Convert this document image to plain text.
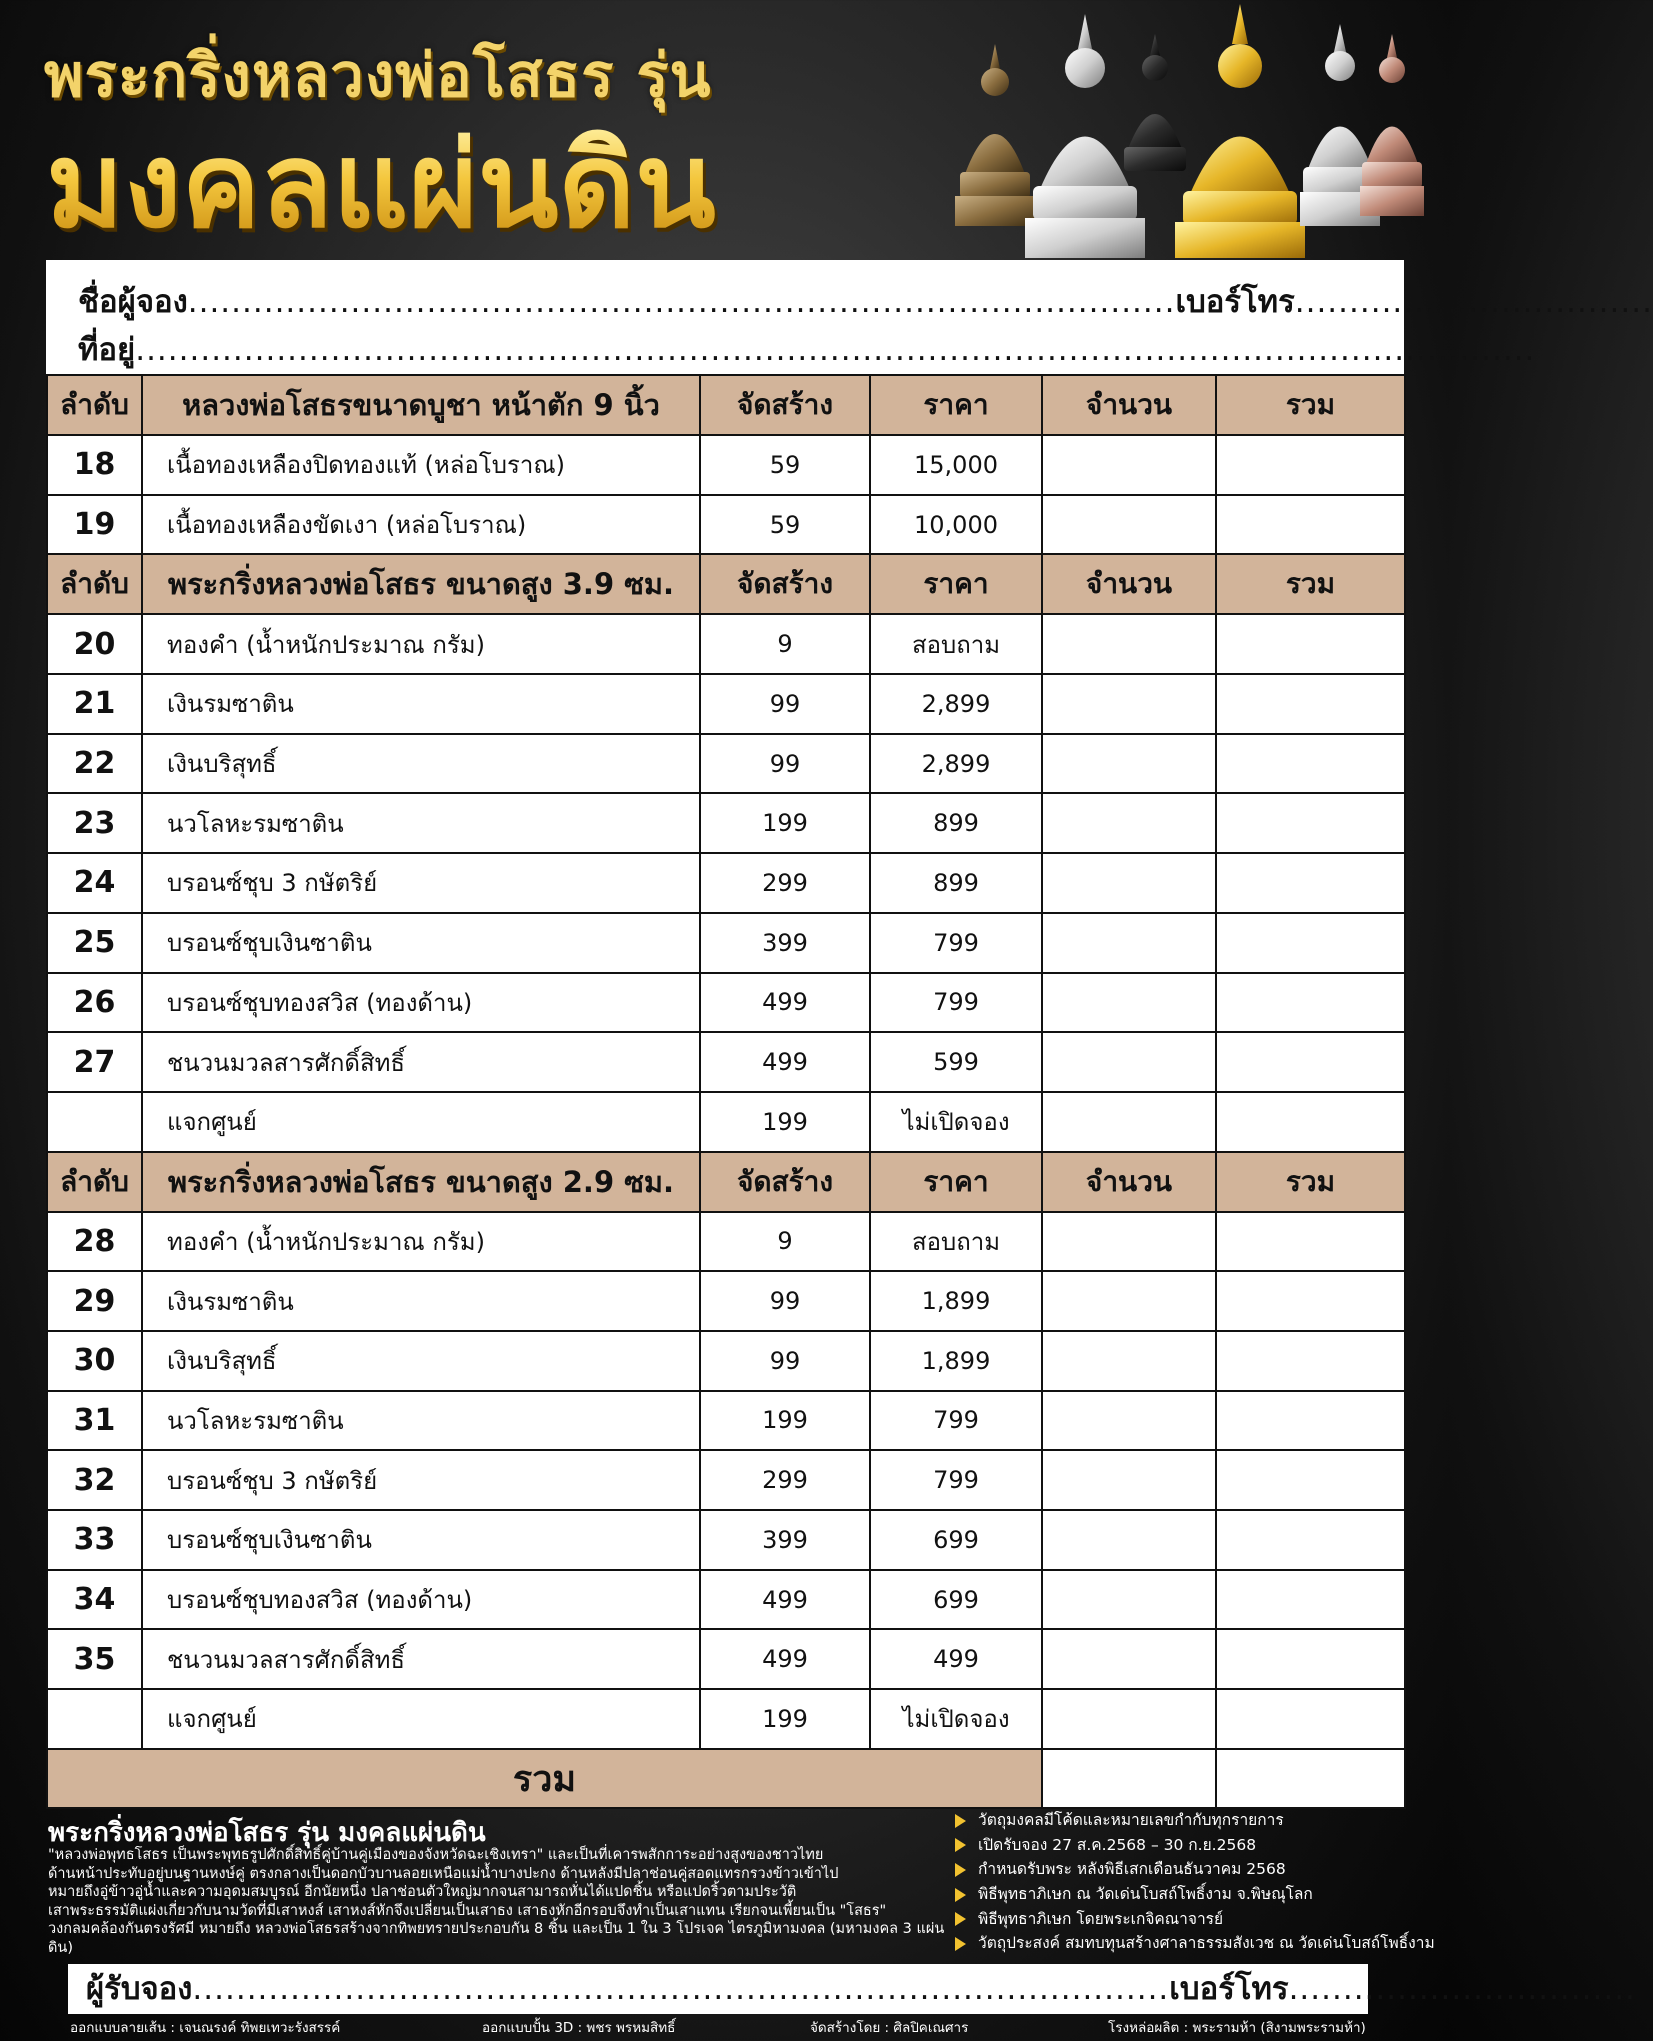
พระกริ่งหลวงพ่อโสธร รุ่น
มงคลแผ่นดิน
ชื่อผู้จอง...........................................................................................เบอร์โทร.................................
ที่อยู่.................................................................................................................................
ลำดับ	หลวงพ่อโสธรขนาดบูชา หน้าตัก 9 นิ้ว	จัดสร้าง	ราคา	จำนวน	รวม
18	เนื้อทองเหลืองปิดทองแท้ (หล่อโบราณ)	59	15,000		
19	เนื้อทองเหลืองขัดเงา (หล่อโบราณ)	59	10,000		
ลำดับ	พระกริ่งหลวงพ่อโสธร ขนาดสูง 3.9 ซม.	จัดสร้าง	ราคา	จำนวน	รวม
20	ทองคำ (น้ำหนักประมาณ กรัม)	9	สอบถาม		
21	เงินรมซาติน	99	2,899		
22	เงินบริสุทธิ์	99	2,899		
23	นวโลหะรมซาติน	199	899		
24	บรอนซ์ชุบ 3 กษัตริย์	299	899		
25	บรอนซ์ชุบเงินซาติน	399	799		
26	บรอนซ์ชุบทองสวิส (ทองด้าน)	499	799		
27	ชนวนมวลสารศักดิ์สิทธิ์	499	599		
	แจกศูนย์	199	ไม่เปิดจอง		
ลำดับ	พระกริ่งหลวงพ่อโสธร ขนาดสูง 2.9 ซม.	จัดสร้าง	ราคา	จำนวน	รวม
28	ทองคำ (น้ำหนักประมาณ กรัม)	9	สอบถาม		
29	เงินรมซาติน	99	1,899		
30	เงินบริสุทธิ์	99	1,899		
31	นวโลหะรมซาติน	199	799		
32	บรอนซ์ชุบ 3 กษัตริย์	299	799		
33	บรอนซ์ชุบเงินซาติน	399	699		
34	บรอนซ์ชุบทองสวิส (ทองด้าน)	499	699		
35	ชนวนมวลสารศักดิ์สิทธิ์	499	499		
	แจกศูนย์	199	ไม่เปิดจอง		
รวม					
พระกริ่งหลวงพ่อโสธร รุ่น มงคลแผ่นดิน
"หลวงพ่อพุทธโสธร เป็นพระพุทธรูปศักดิ์สิทธิ์คู่บ้านคู่เมืองของจังหวัดฉะเชิงเทรา" และเป็นที่เคารพสักการะอย่างสูงของชาวไทย
ด้านหน้าประทับอยู่บนฐานหงษ์คู่ ตรงกลางเป็นดอกบัวบานลอยเหนือแม่น้ำบางปะกง ด้านหลังมีปลาช่อนคู่สอดแทรกรวงข้าวเข้าไป
หมายถึงอู่ข้าวอู่น้ำและความอุดมสมบูรณ์ อีกนัยหนึ่ง ปลาช่อนตัวใหญ่มากจนสามารถหั่นได้แปดชิ้น หรือแปดริ้วตามประวัติ
เสาพระธรรมัติแผ่งเกี่ยวกับนามวัดที่มีเสาหงส์ เสาหงส์หักจึงเปลี่ยนเป็นเสาธง เสาธงหักอีกรอบจึงทำเป็นเสาแทน เรียกจนเพี้ยนเป็น "โสธร"
วงกลมคล้องกันตรงรัศมี หมายถึง หลวงพ่อโสธรสร้างจากทิพยทรายประกอบกัน 8 ชิ้น และเป็น 1 ใน 3 โปรเจค ไตรภูมิหามงคล (มหามงคล 3 แผ่นดิน)
วัตถุมงคลมีโค้ดและหมายเลขกำกับทุกรายการ
เปิดรับจอง 27 ส.ค.2568 – 30 ก.ย.2568
กำหนดรับพระ หลังพิธีเสกเดือนธันวาคม 2568
พิธีพุทธาภิเษก ณ วัดเด่นโบสถ์โพธิ์งาม จ.พิษณุโลก
พิธีพุทธาภิเษก โดยพระเกจิคณาจารย์
วัตถุประสงค์ สมทบทุนสร้างศาลาธรรมสังเวช ณ วัดเด่นโบสถ์โพธิ์งาม
ผู้รับจอง..........................................................................................เบอร์โทร................................
ออกแบบลายเส้น : เจนณรงค์ ทิพยเทวะรังสรรค์	ออกแบบปั้น 3D : พชร พรหมสิทธิ์	จัดสร้างโดย : ศิลปิคเณศาร	โรงหล่อผลิต : พระรามห้า (สิงามพระรามห้า)
